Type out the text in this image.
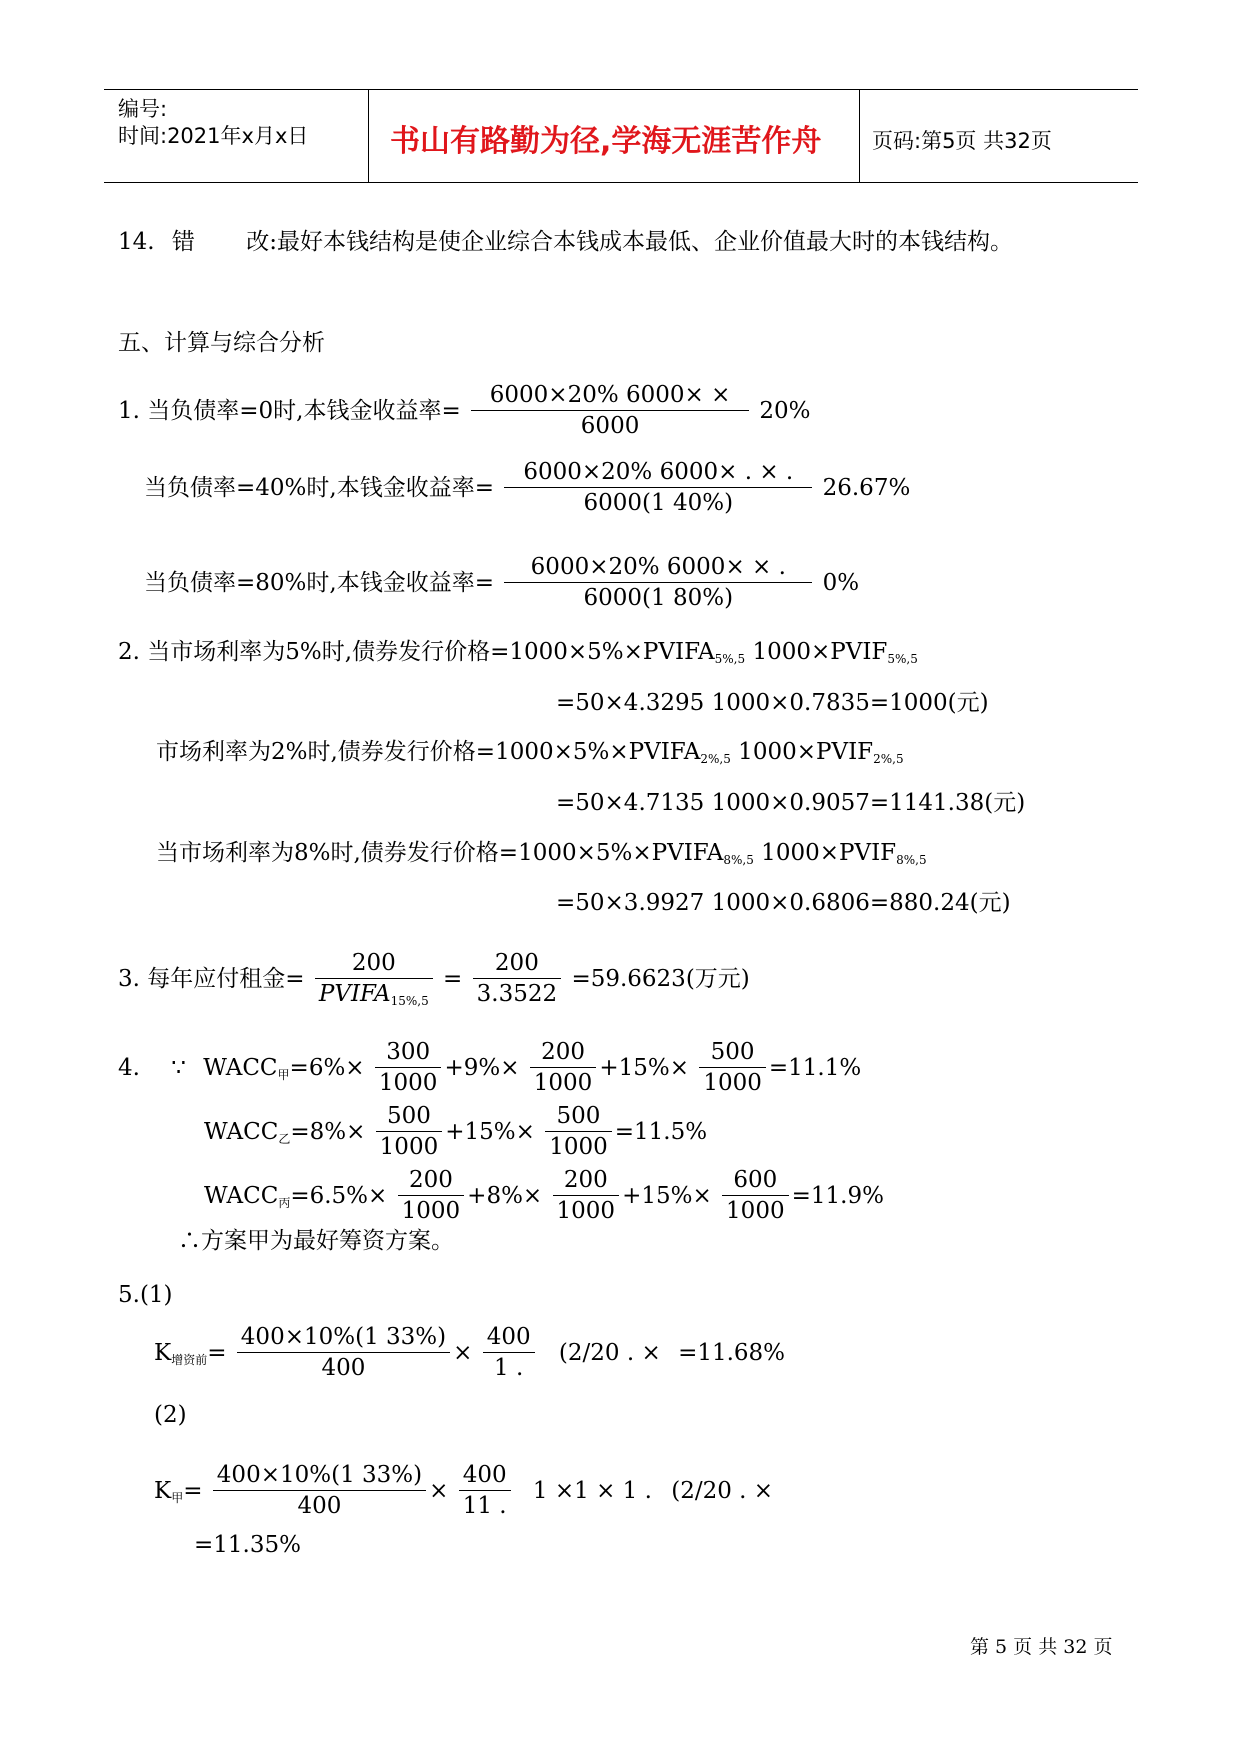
编号:
时间:2021年x月x日	书山有路勤为径,学海无涯苦作舟 页码:第5页 共32页
14. 错 改:最好本钱结构是使企业综合本钱成本最低、企业价值最大时的本钱结构。
五、计算与综合分析
1. 当负债率=0时,本钱金收益率= $\frac{6000\times 20\% 6000\times \times}{6000} 20\%$
当负债率=40%时,本钱金收益率= $\frac{6000\times 20\% 6000\times . \times .}{6000(1 40\%)} 26.67\%$
当负债率=80%时,本钱金收益率= $\frac{6000\times 20\% 6000\times \times .}{6000(1 80\%)} 0\%$
2. 当市场利率为5%时,债券发行价格$=1000\times 5\%\times PVIFA_{5\%,5}$ $1000\times PVIF_{5\%,5}$
=50×4.3295 1000×0.7835=1000(元)
市场利率为2%时,债券发行价格$=1000\times 5\%\times PVIFA_{2\%,5}$ $1000\times PVIF_{2\%,5}$
=50×4.7135 1000×0.9057=1141.38(元)
当市场利率为8%时,债券发行价格$=1000\times 5\%\times PVIFA_{8\%,5}$ $1000\times PVIF_{8\%,5}$
=50×3.9927 1000×0.6806=880.24(元)
3. 每年应付租金= $\frac{200}{PVIFA_{15\%,5}} = \frac{200}{3.3522} =59.6623$(万元)
4. ∵ $WACC_甲=6\%\times \frac{300}{1000} +9\%\times \frac{200}{1000} +15\%\times \frac{500}{1000} =11.1\%$
$WACC_乙=8\%\times \frac{500}{1000} +15\%\times \frac{500}{1000} =11.5\%$
$WACC_丙=6.5\%\times \frac{200}{1000} +8\%\times \frac{200}{1000} +15\%\times \frac{600}{1000} =11.9\%$
∴方案甲为最好筹资方案。
5.(1)
$K_{增资前}= \frac{400\times 10\%(1 33\%)}{400} \times \frac{400}{1 .} (2/20$ . × =11.68%
(2)
$K_甲= \frac{400\times 10\%(1 33\%)}{400} \times \frac{400}{11 .} 1 \times 1 \times 1$ . (2/20 . ×
=11.35%
第 5 页 共 32 页
